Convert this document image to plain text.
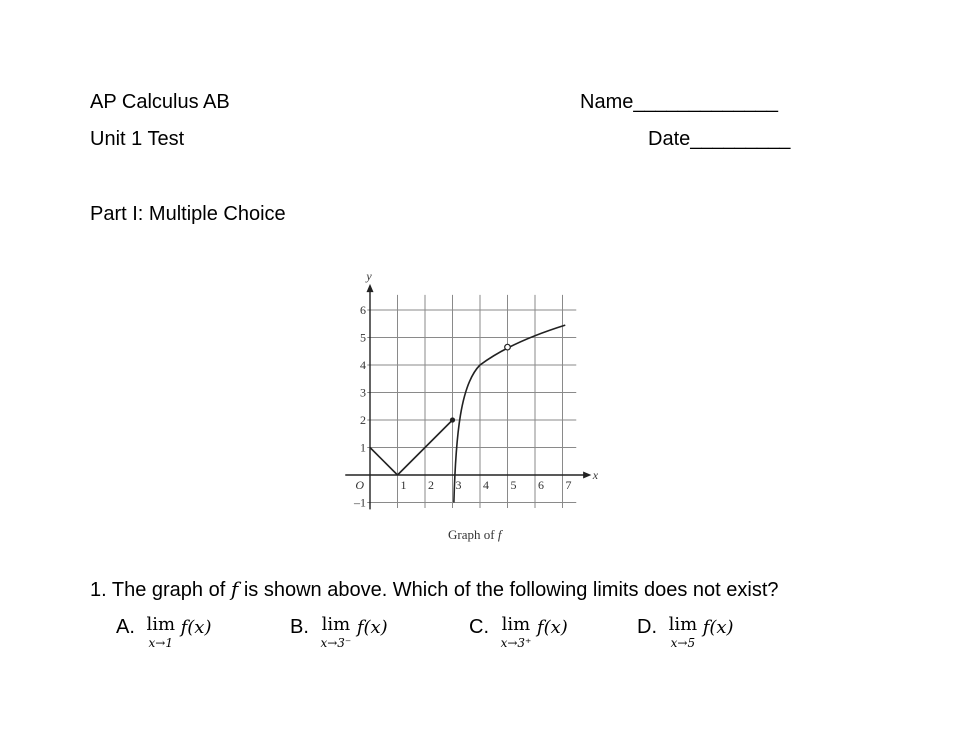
AP Calculus AB	Name_____________
Unit 1 Test	Date_________
Part I: Multiple Choice
1 2 3 4 5 6 7
–1
1
2
3
4
5
6
O
x
y
Graph of f
1. The graph of f is shown above. Which of the following limits does not exist?
A. lim
x→1
f(x)	B. lim
x→3⁻
f(x)	C. lim
x→3⁺
f(x)	D. lim
x→5
f(x)
